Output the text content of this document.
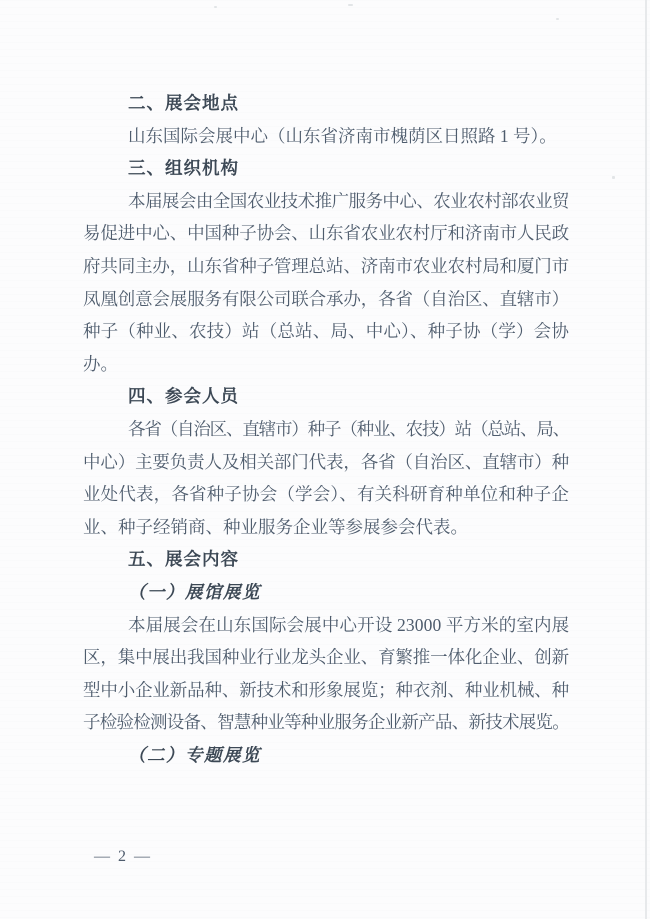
二、展会地点
山东国际会展中心（山东省济南市槐荫区日照路 1 号）。
三、组织机构
本届展会由全国农业技术推广服务中心、农业农村部农业贸
易促进中心、中国种子协会、山东省农业农村厅和济南市人民政
府共同主办，山东省种子管理总站、济南市农业农村局和厦门市
凤凰创意会展服务有限公司联合承办，各省（自治区、直辖市）
种子（种业、农技）站（总站、局、中心）、种子协（学）会协
办。
四、参会人员
各省（自治区、直辖市）种子（种业、农技）站（总站、局、
中心）主要负责人及相关部门代表，各省（自治区、直辖市）种
业处代表，各省种子协会（学会）、有关科研育种单位和种子企
业、种子经销商、种业服务企业等参展参会代表。
五、展会内容
（一）展馆展览
本届展会在山东国际会展中心开设 23000 平方米的室内展
区，集中展出我国种业行业龙头企业、育繁推一体化企业、创新
型中小企业新品种、新技术和形象展览；种衣剂、种业机械、种
子检验检测设备、智慧种业等种业服务企业新产品、新技术展览。
（二）专题展览
— 2 —
